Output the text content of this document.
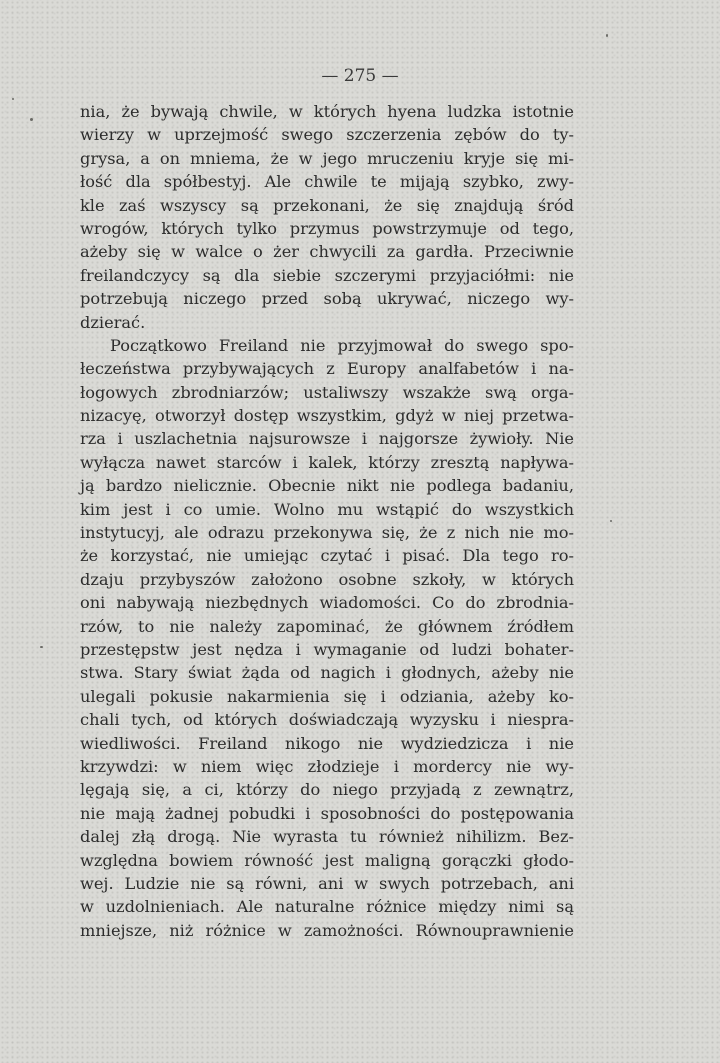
— 275 —
nia, że bywają chwile, w których hyena ludzka istotnie
wierzy w uprzejmość swego szczerzenia zębów do ty-
grysa, a on mniema, że w jego mruczeniu kryje się mi-
łość dla spółbestyj. Ale chwile te mijają szybko, zwy-
kle zaś wszyscy są przekonani, że się znajdują śród
wrogów, których tylko przymus powstrzymuje od tego,
ażeby się w walce o żer chwycili za gardła. Przeciwnie
freilandczycy są dla siebie szczerymi przyjaciółmi: nie
potrzebują niczego przed sobą ukrywać, niczego wy-
dzierać.
Początkowo Freiland nie przyjmował do swego spo-
łeczeństwa przybywających z Europy analfabetów i na-
łogowych zbrodniarzów; ustaliwszy wszakże swą orga-
nizacyę, otworzył dostęp wszystkim, gdyż w niej przetwa-
rza i uszlachetnia najsurowsze i najgorsze żywioły. Nie
wyłącza nawet starców i kalek, którzy zresztą napływa-
ją bardzo nielicznie. Obecnie nikt nie podlega badaniu,
kim jest i co umie. Wolno mu wstąpić do wszystkich
instytucyj, ale odrazu przekonywa się, że z nich nie mo-
że korzystać, nie umiejąc czytać i pisać. Dla tego ro-
dzaju przybyszów założono osobne szkoły, w których
oni nabywają niezbędnych wiadomości. Co do zbrodnia-
rzów, to nie należy zapominać, że głównem źródłem
przestępstw jest nędza i wymaganie od ludzi bohater-
stwa. Stary świat żąda od nagich i głodnych, ażeby nie
ulegali pokusie nakarmienia się i odziania, ażeby ko-
chali tych, od których doświadczają wyzysku i niespra-
wiedliwości. Freiland nikogo nie wydziedzicza i nie
krzywdzi: w niem więc złodzieje i mordercy nie wy-
lęgają się, a ci, którzy do niego przyjadą z zewnątrz,
nie mają żadnej pobudki i sposobności do postępowania
dalej złą drogą. Nie wyrasta tu również nihilizm. Bez-
względna bowiem równość jest maligną gorączki głodo-
wej. Ludzie nie są równi, ani w swych potrzebach, ani
w uzdolnieniach. Ale naturalne różnice między nimi są
mniejsze, niż różnice w zamożności. Równouprawnienie
